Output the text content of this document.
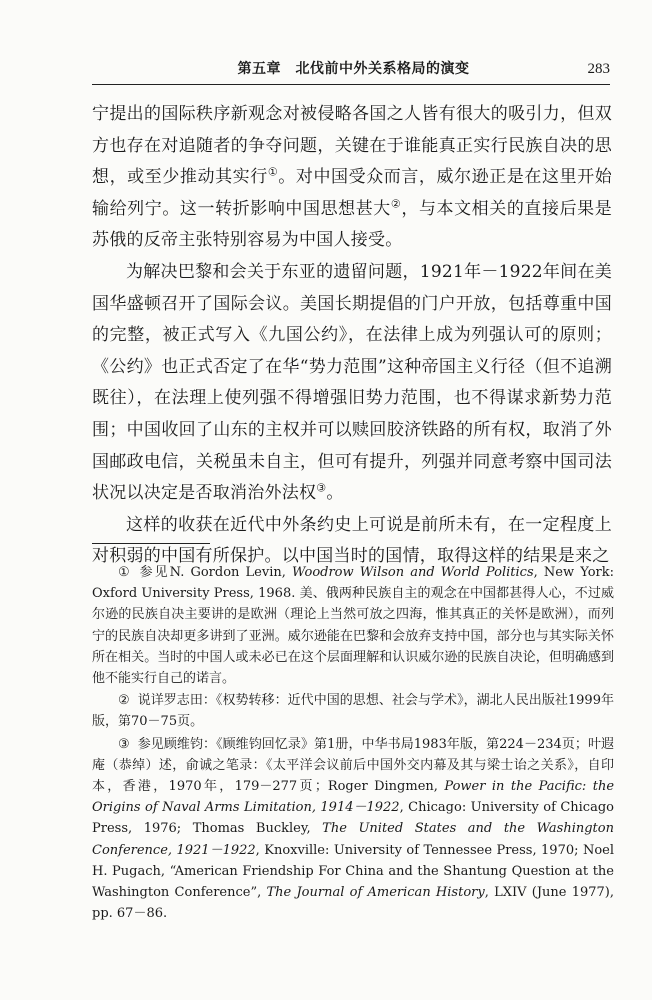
第五章　北伐前中外关系格局的演变	283

宁提出的国际秩序新观念对被侵略各国之人皆有很大的吸引力，但双方也存在对追随者的争夺问题，关键在于谁能真正实行民族自决的思想，或至少推动其实行①。对中国受众而言，威尔逊正是在这里开始输给列宁。这一转折影响中国思想甚大②，与本文相关的直接后果是苏俄的反帝主张特别容易为中国人接受。

为解决巴黎和会关于东亚的遗留问题，1921年－1922年间在美国华盛顿召开了国际会议。美国长期提倡的门户开放，包括尊重中国的完整，被正式写入《九国公约》，在法律上成为列强认可的原则；《公约》也正式否定了在华“势力范围”这种帝国主义行径（但不追溯既往），在法理上使列强不得增强旧势力范围，也不得谋求新势力范围；中国收回了山东的主权并可以赎回胶济铁路的所有权，取消了外国邮政电信，关税虽未自主，但可有提升，列强并同意考察中国司法状况以决定是否取消治外法权③。

这样的收获在近代中外条约史上可说是前所未有，在一定程度上对积弱的中国有所保护。以中国当时的国情，取得这样的结果是来之

① 参见N. Gordon Levin, Woodrow Wilson and World Politics, New York: Oxford University Press, 1968. 美、俄两种民族自主的观念在中国都甚得人心，不过威尔逊的民族自决主要讲的是欧洲（理论上当然可放之四海，惟其真正的关怀是欧洲），而列宁的民族自决却更多讲到了亚洲。威尔逊能在巴黎和会放弃支持中国，部分也与其实际关怀所在相关。当时的中国人或未必已在这个层面理解和认识威尔逊的民族自决论，但明确感到他不能实行自己的诺言。

② 说详罗志田：《权势转移：近代中国的思想、社会与学术》，湖北人民出版社1999年版，第70－75页。

③ 参见顾维钧：《顾维钧回忆录》第1册，中华书局1983年版，第224－234页；叶遐庵（恭绰）述，俞诚之笔录：《太平洋会议前后中国外交内幕及其与梁士诒之关系》，自印本，香港，1970年，179－277页；Roger Dingmen, Power in the Pacific: the Origins of Naval Arms Limitation, 1914－1922, Chicago: University of Chicago Press, 1976; Thomas Buckley, The United States and the Washington Conference, 1921－1922, Knoxville: University of Tennessee Press, 1970; Noel H. Pugach, “American Friendship For China and the Shantung Question at the Washington Conference”, The Journal of American History, LXIV (June 1977), pp. 67－86.
